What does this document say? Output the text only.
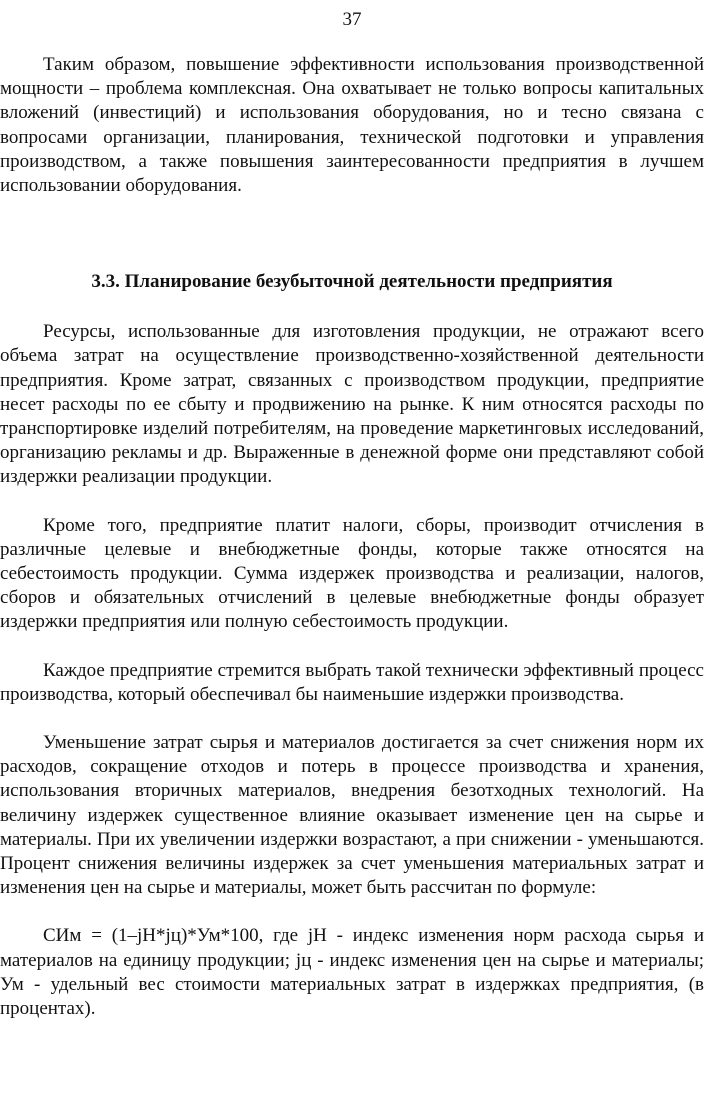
37

Таким образом, повышение эффективности использования производственной мощности – проблема комплексная. Она охватывает не только вопросы капитальных вложений (инвестиций) и использования оборудования, но и тесно связана с вопросами организации, планирования, технической подготовки и управления производством, а также повышения заинтересованности предприятия в лучшем использовании оборудования.

3.3. Планирование безубыточной деятельности предприятия

Ресурсы, использованные для изготовления продукции, не отражают всего объема затрат на осуществление производственно-хозяйственной деятельности предприятия. Кроме затрат, связанных с производством продукции, предприятие несет расходы по ее сбыту и продвижению на рынке. К ним относятся расходы по транспортировке изделий потребителям, на проведение маркетинговых исследований, организацию рекламы и др. Выраженные в денежной форме они представляют собой издержки реализации продукции.

Кроме того, предприятие платит налоги, сборы, производит отчисления в различные целевые и внебюджетные фонды, которые также относятся на себестоимость продукции. Сумма издержек производства и реализации, налогов, сборов и обязательных отчислений в целевые внебюджетные фонды образует издержки предприятия или полную себестоимость продукции.

Каждое предприятие стремится выбрать такой технически эффективный процесс производства, который обеспечивал бы наименьшие издержки производства.

Уменьшение затрат сырья и материалов достигается за счет снижения норм их расходов, сокращение отходов и потерь в процессе производства и хранения, использования вторичных материалов, внедрения безотходных технологий. На величину издержек существенное влияние оказывает изменение цен на сырье и материалы. При их увеличении издержки возрастают, а при снижении - уменьшаются. Процент снижения величины издержек за счет уменьшения материальных затрат и изменения цен на сырье и материалы, может быть рассчитан по формуле:

СИм = (1–jН*jц)*Ум*100, где jН - индекс изменения норм расхода сырья и материалов на единицу продукции; jц - индекс изменения цен на сырье и материалы; Ум - удельный вес стоимости материальных затрат в издержках предприятия, (в процентах).
